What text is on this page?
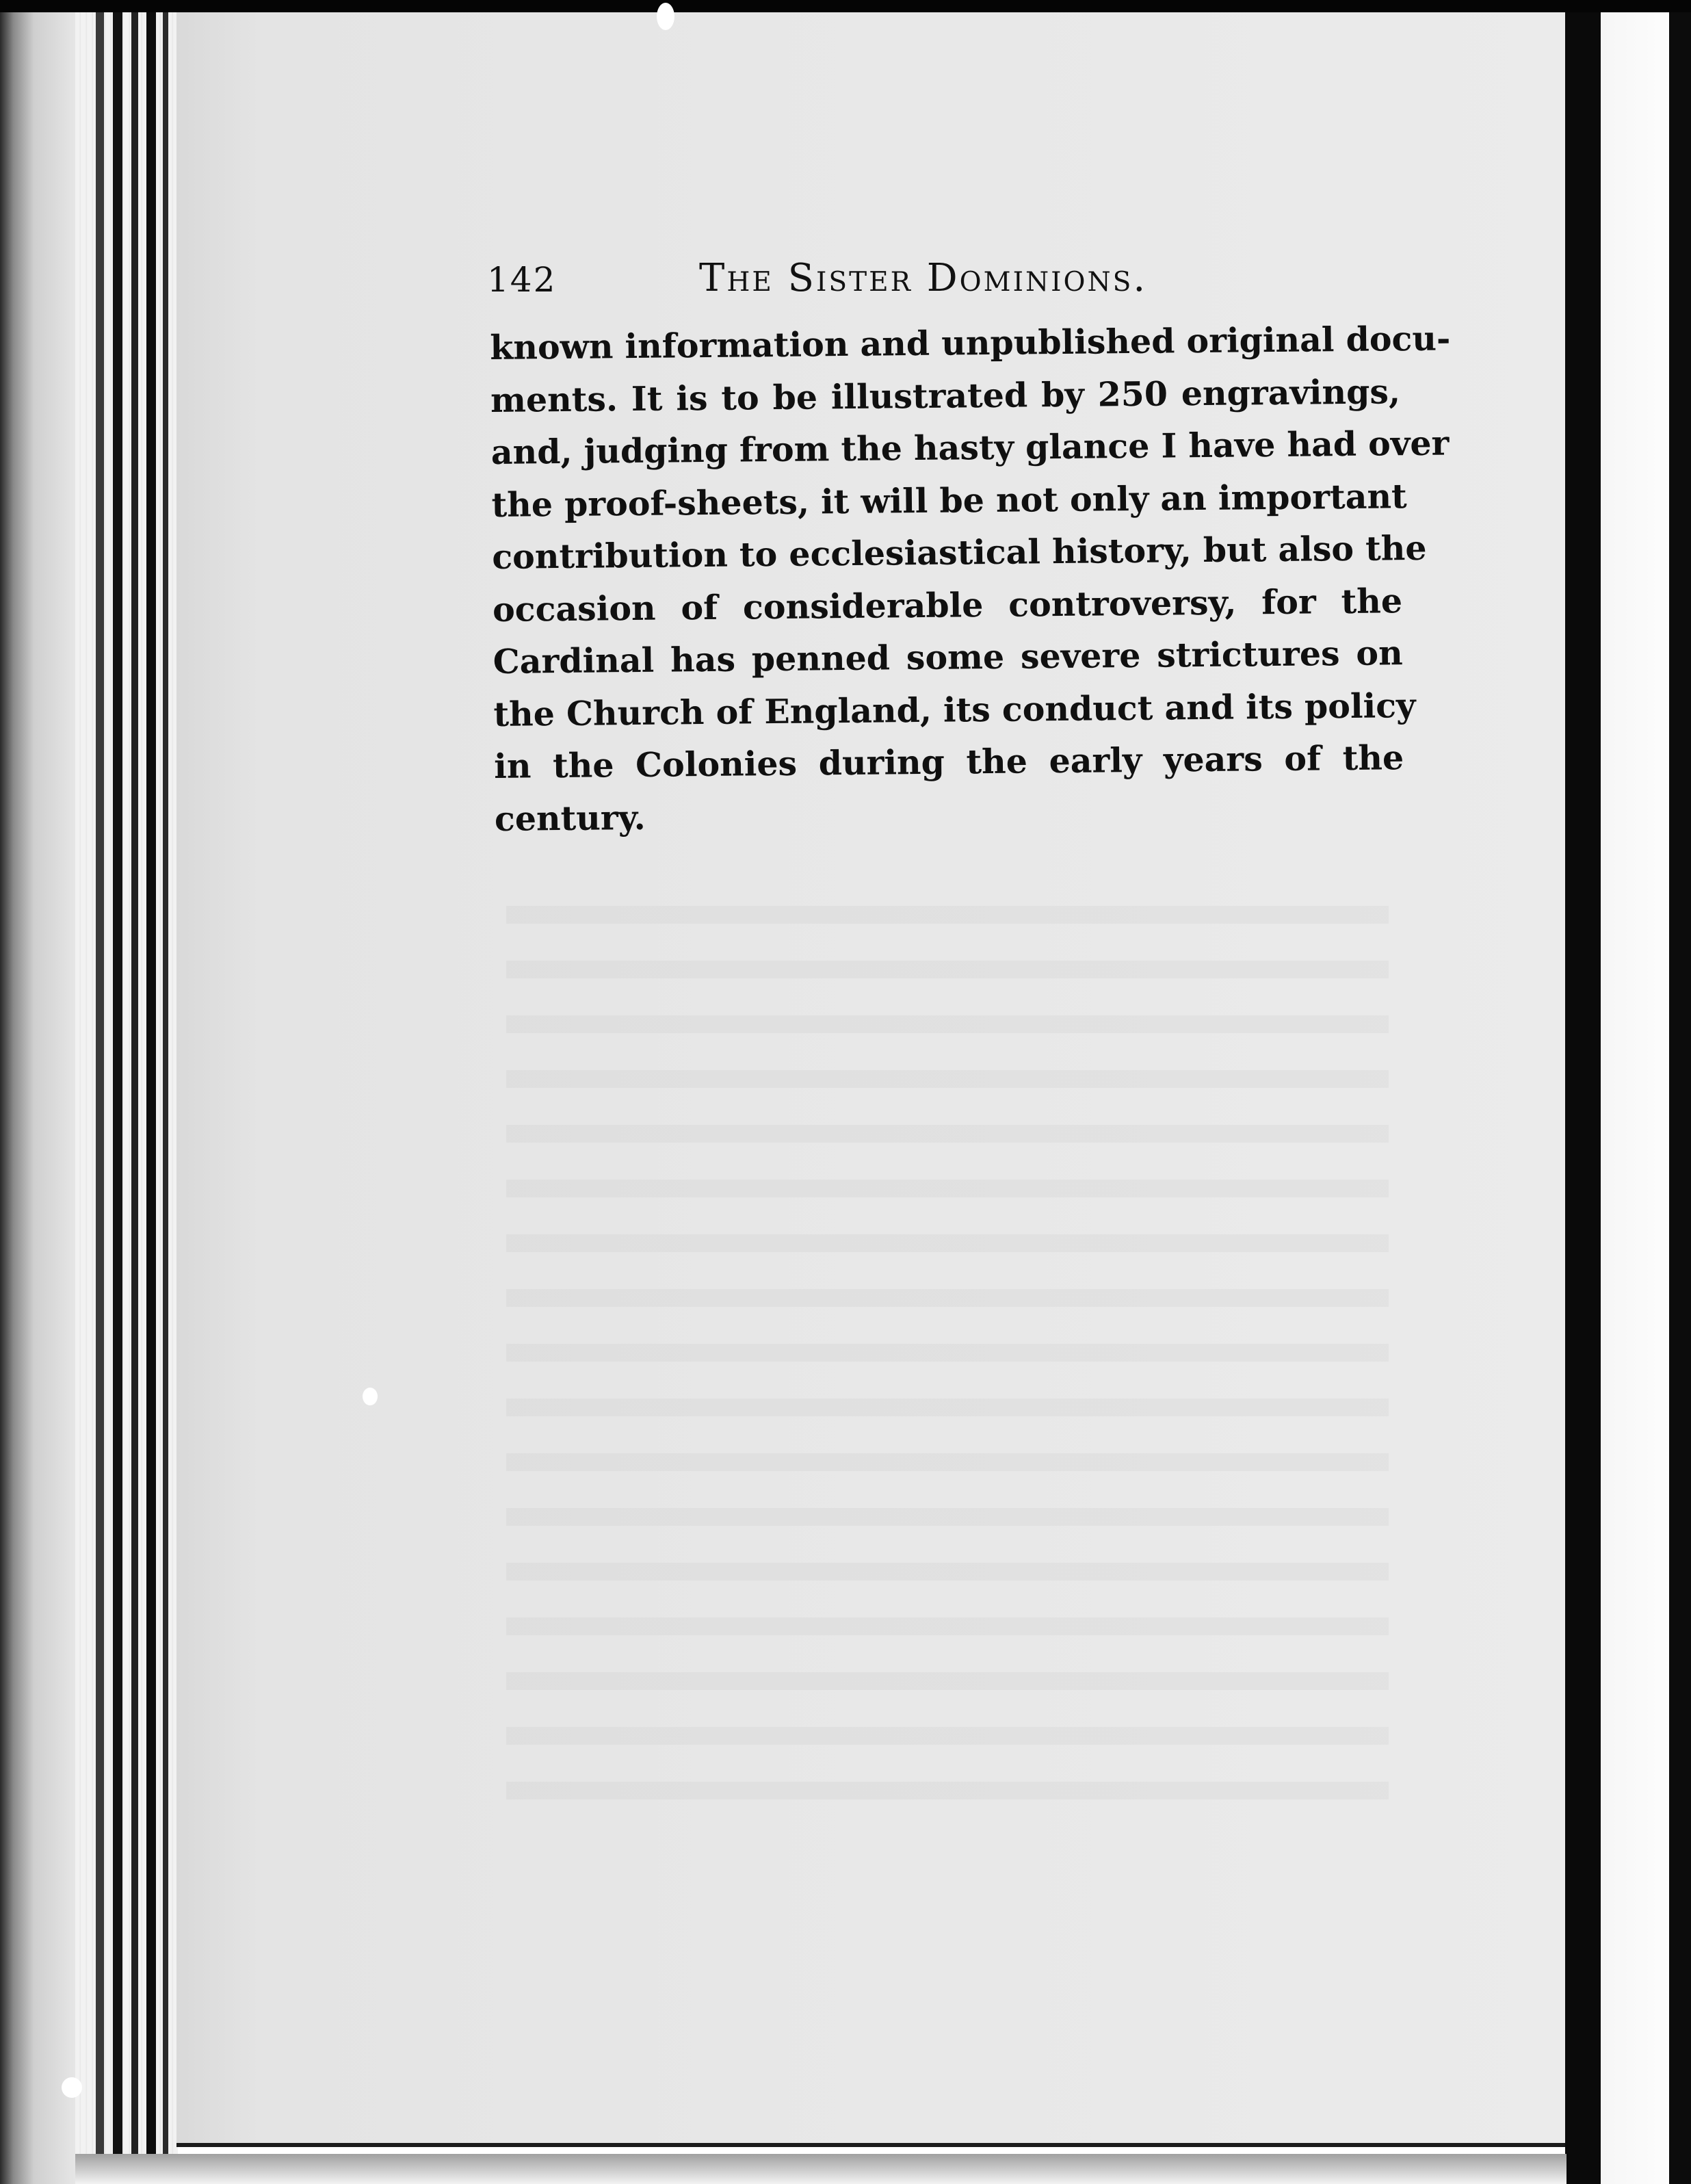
142	The Sister Dominions.
known information and unpublished original docu-
ments. It is to be illustrated by 250 engravings,
and, judging from the hasty glance I have had over
the proof-sheets, it will be not only an important
contribution to ecclesiastical history, but also the
occasion of considerable controversy, for the
Cardinal has penned some severe strictures on
the Church of England, its conduct and its policy
in the Colonies during the early years of the
century.
